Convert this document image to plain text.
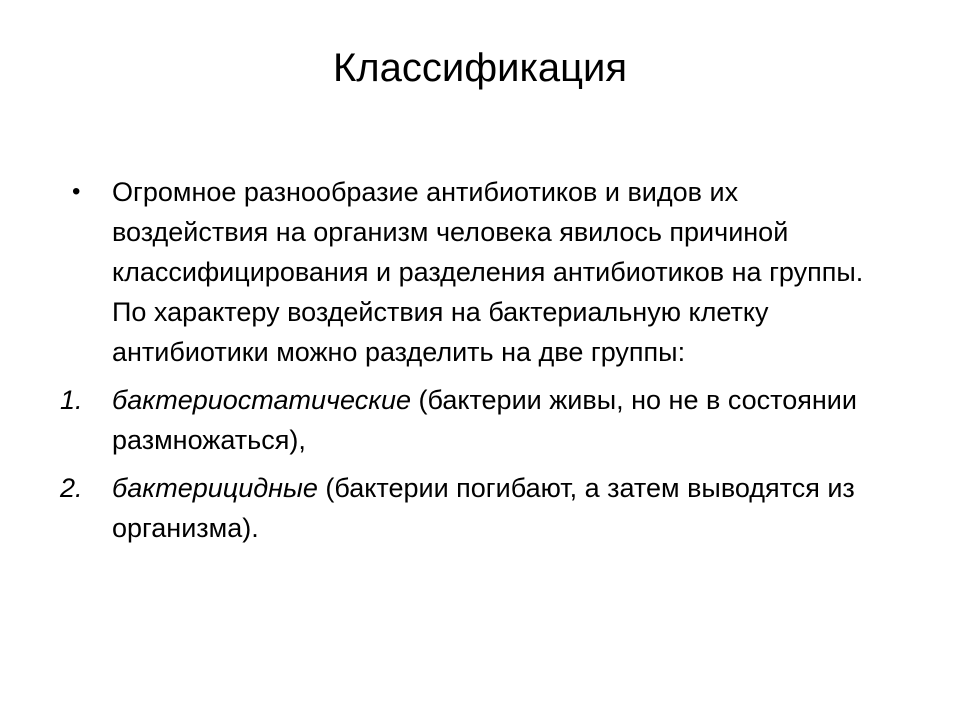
Классификация
• Огромное разнообразие антибиотиков и видов их воздействия на организм человека явилось причиной классифицирования и разделения антибиотиков на группы. По характеру воздействия на бактериальную клетку антибиотики можно разделить на две группы:
1. бактериостатические (бактерии живы, но не в состоянии размножаться),
2. бактерицидные (бактерии погибают, а затем выводятся из организма).
